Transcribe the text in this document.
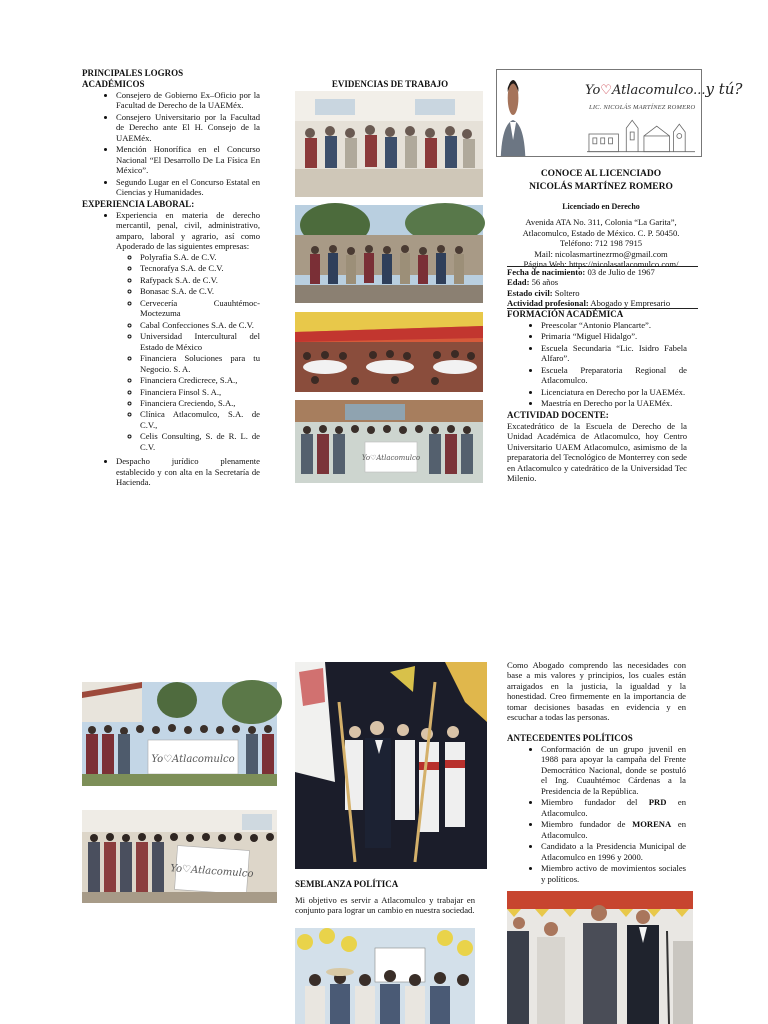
PRINCIPALES LOGROS
ACADÉMICOS
• Consejero de Gobierno Ex–Oficio por la Facultad de Derecho de la UAEMéx.
• Consejero Universitario por la Facultad de Derecho ante El H. Consejo de la UAEMéx.
• Mención Honorífica en el Concurso Nacional “El Desarrollo De La Física En México”.
• Segundo Lugar en el Concurso Estatal en Ciencias y Humanidades.
EXPERIENCIA LABORAL:
• Experiencia en materia de derecho mercantil, penal, civil, administrativo, amparo, laboral y agrario, así como Apoderado de las siguientes empresas:
◦ Polyrafia S.A. de C.V.
◦ Tecnorafya S.A. de C.V.
◦ Rafypack S.A. de C.V.
◦ Bonasac S.A. de C.V.
◦ Cervecería Cuauhtémoc-Moctezuma
◦ Cabal Confecciones S.A. de C.V.
◦ Universidad Intercultural del Estado de México
◦ Financiera Soluciones para tu Negocio. S. A.
◦ Financiera Credicrece, S.A.,
◦ Financiera Finsol S. A.,
◦ Financiera Creciendo, S.A.,
◦ Clínica Atlacomulco, S.A. de C.V.,
◦ Celis Consulting, S. de R. L. de C.V.
• Despacho jurídico plenamente establecido y con alta en la Secretaría de Hacienda.
EVIDENCIAS DE TRABAJO
Yo♡Atlacomulco
Yo♡Atlacomulco...y tú?
LIC. NICOLÁS MARTÍNEZ ROMERO
CONOCE AL LICENCIADO
NICOLÁS MARTÍNEZ ROMERO
Licenciado en Derecho
Avenida ATA No. 311, Colonia “La Garita”,
Atlacomulco, Estado de México. C. P. 50450.
Teléfono: 712 198 7915
Mail: nicolasmartinezrmo@gmail.com
Página Web: https://nicolasatlacomulco.com/
Fecha de nacimiento: 03 de Julio de 1967
Edad: 56 años
Estado civil: Soltero
Actividad profesional: Abogado y Empresario
FORMACIÓN ACADÉMICA
• Preescolar “Antonio Plancarte”.
• Primaria “Miguel Hidalgo”.
• Escuela Secundaria “Lic. Isidro Fabela Alfaro”.
• Escuela Preparatoria Regional de Atlacomulco.
• Licenciatura en Derecho por la UAEMéx.
• Maestría en Derecho por la UAEMéx.
ACTIVIDAD DOCENTE:
Excatedrático de la Escuela de Derecho de la Unidad Académica de Atlacomulco, hoy Centro Universitario UAEM Atlacomulco, asimismo de la preparatoria del Tecnológico de Monterrey con sede en Atlacomulco y catedrático de la Universidad Tec Milenio.
Yo♡Atlacomulco
Yo♡Atlacomulco
SEMBLANZA POLÍTICA
Mi objetivo es servir a Atlacomulco y trabajar en conjunto para lograr un cambio en nuestra sociedad.
Como Abogado comprendo las necesidades con base a mis valores y principios, los cuales están arraigados en la justicia, la igualdad y la honestidad. Creo firmemente en la importancia de tomar decisiones basadas en evidencia y en escuchar a todas las personas.
ANTECEDENTES POLÍTICOS
• Conformación de un grupo juvenil en 1988 para apoyar la campaña del Frente Democrático Nacional, donde se postuló el Ing. Cuauhtémoc Cárdenas a la Presidencia de la República.
• Miembro fundador del PRD en Atlacomulco.
• Miembro fundador de MORENA en Atlacomulco.
• Candidato a la Presidencia Municipal de Atlacomulco en 1996 y 2000.
• Miembro activo de movimientos sociales y políticos.
